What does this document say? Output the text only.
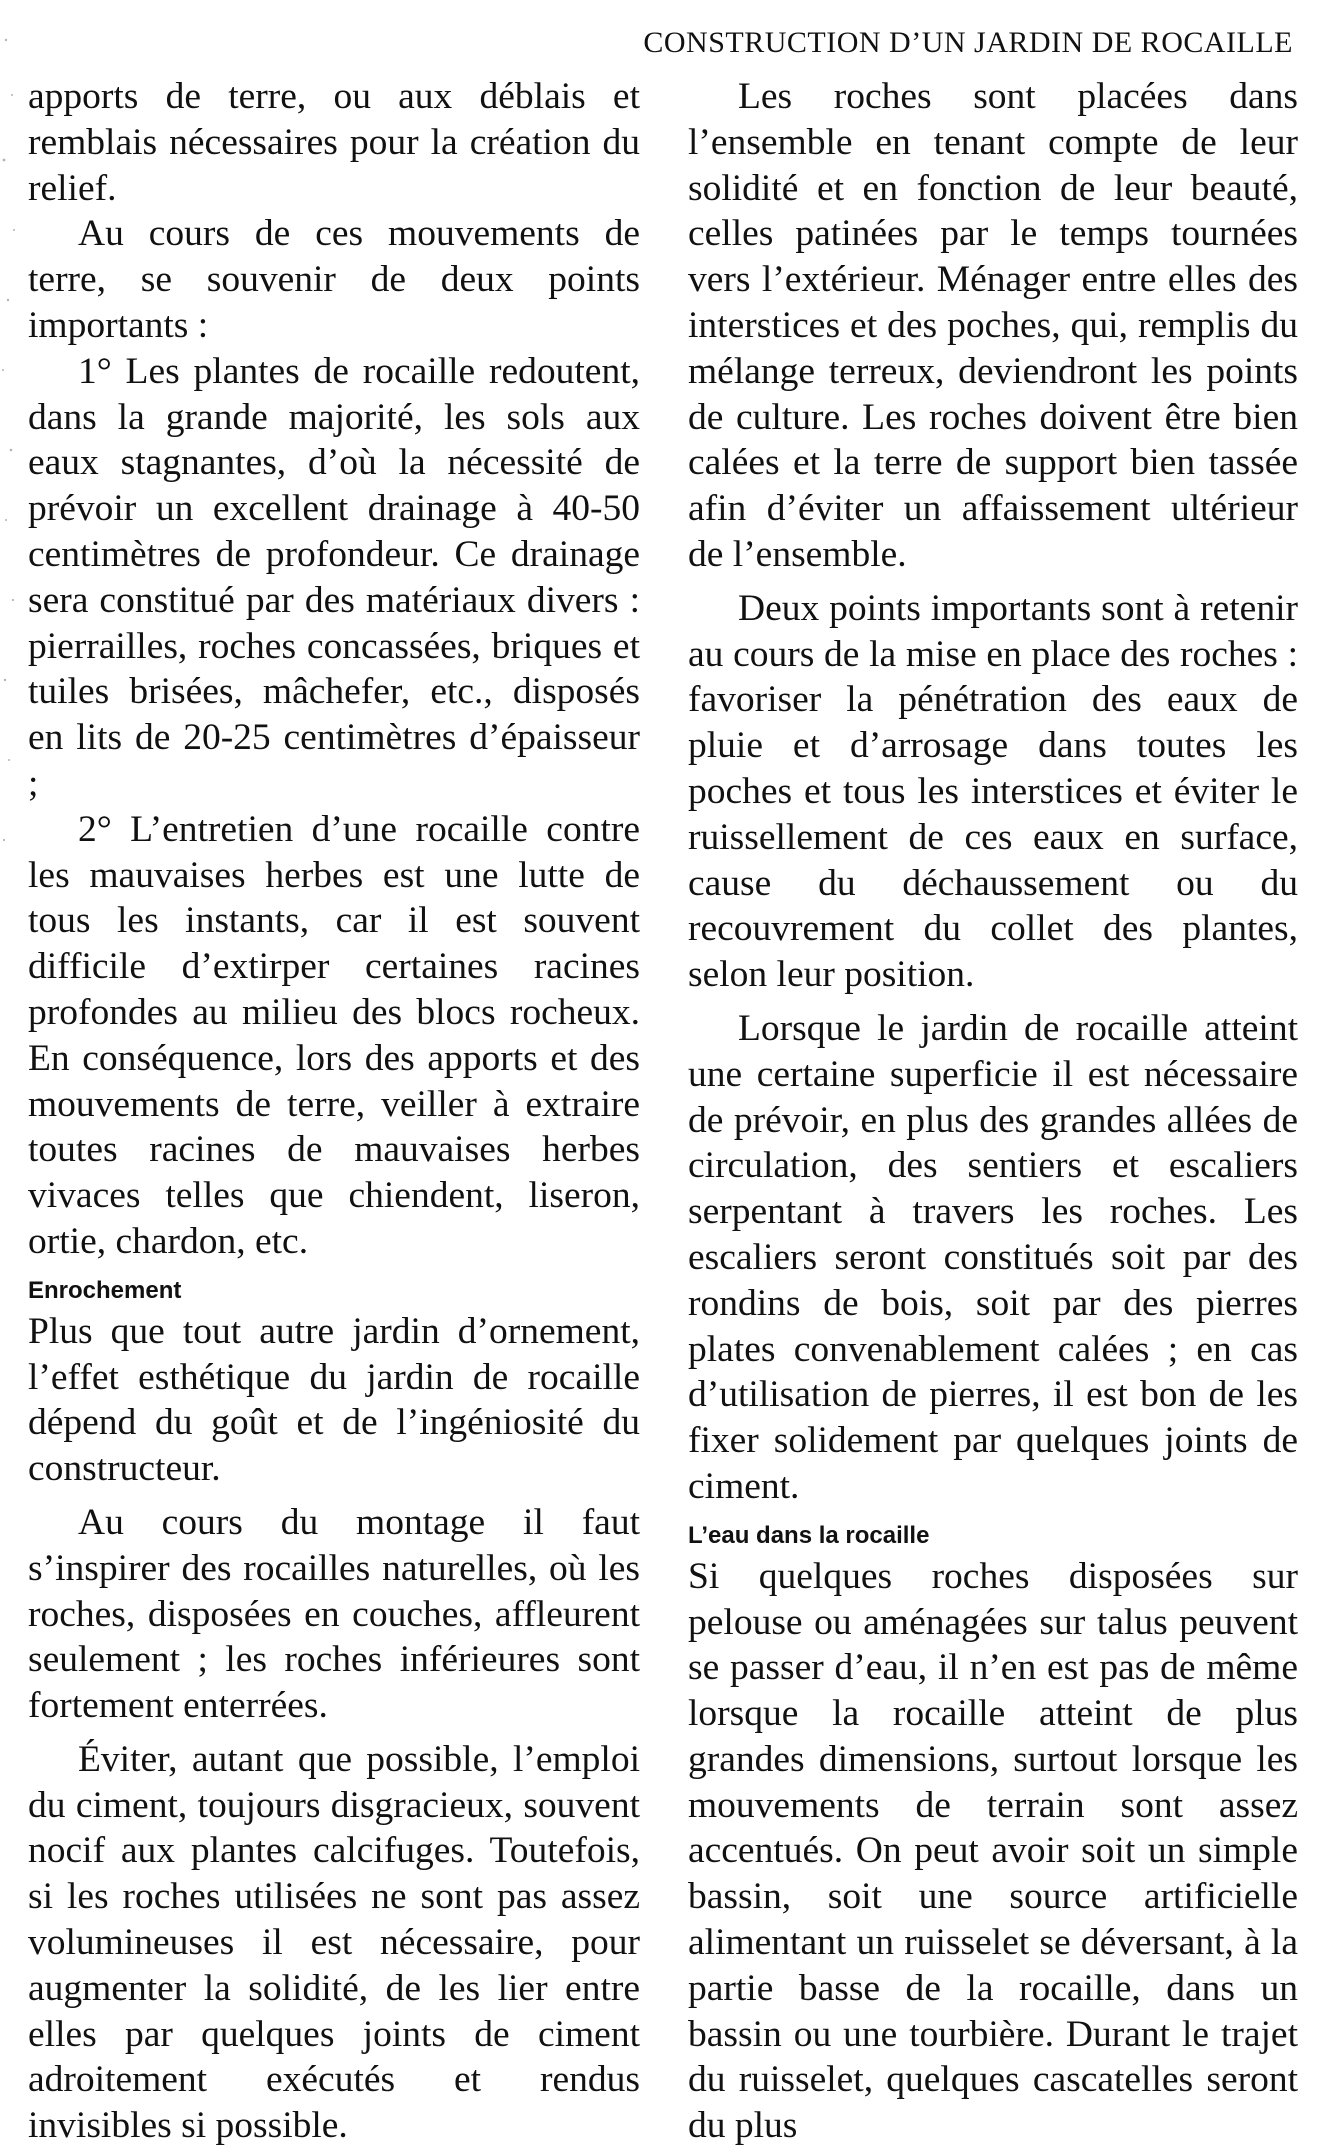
CONSTRUCTION D’UN JARDIN DE ROCAILLE

apports de terre, ou aux déblais et remblais nécessaires pour la création du relief.

Au cours de ces mouvements de terre, se souvenir de deux points importants :

1° Les plantes de rocaille redoutent, dans la grande majorité, les sols aux eaux stagnantes, d’où la nécessité de prévoir un excellent drainage à 40-50 centimètres de profondeur. Ce drainage sera constitué par des matériaux divers : pierrailles, roches concassées, briques et tuiles brisées, mâchefer, etc., disposés en lits de 20-25 centimètres d’épaisseur ;

2° L’entretien d’une rocaille contre les mauvaises herbes est une lutte de tous les instants, car il est souvent difficile d’extirper certaines racines profondes au milieu des blocs rocheux. En conséquence, lors des apports et des mouvements de terre, veiller à extraire toutes racines de mauvaises herbes vivaces telles que chiendent, liseron, ortie, chardon, etc.

Enrochement

Plus que tout autre jardin d’ornement, l’effet esthétique du jardin de rocaille dépend du goût et de l’ingéniosité du constructeur.

Au cours du montage il faut s’inspirer des rocailles naturelles, où les roches, disposées en couches, affleurent seulement ; les roches inférieures sont fortement enterrées.

Éviter, autant que possible, l’emploi du ciment, toujours disgracieux, souvent nocif aux plantes calcifuges. Toutefois, si les roches utilisées ne sont pas assez volumineuses il est nécessaire, pour augmenter la solidité, de les lier entre elles par quelques joints de ciment adroitement exécutés et rendus invisibles si possible.

Les roches sont placées dans l’ensemble en tenant compte de leur solidité et en fonction de leur beauté, celles patinées par le temps tournées vers l’extérieur. Ménager entre elles des interstices et des poches, qui, remplis du mélange terreux, deviendront les points de culture. Les roches doivent être bien calées et la terre de support bien tassée afin d’éviter un affaissement ultérieur de l’ensemble.

Deux points importants sont à retenir au cours de la mise en place des roches : favoriser la pénétration des eaux de pluie et d’arrosage dans toutes les poches et tous les interstices et éviter le ruissellement de ces eaux en surface, cause du déchaussement ou du recouvrement du collet des plantes, selon leur position.

Lorsque le jardin de rocaille atteint une certaine superficie il est nécessaire de prévoir, en plus des grandes allées de circulation, des sentiers et escaliers serpentant à travers les roches. Les escaliers seront constitués soit par des rondins de bois, soit par des pierres plates convenablement calées ; en cas d’utilisation de pierres, il est bon de les fixer solidement par quelques joints de ciment.

L’eau dans la rocaille

Si quelques roches disposées sur pelouse ou aménagées sur talus peuvent se passer d’eau, il n’en est pas de même lorsque la rocaille atteint de plus grandes dimensions, surtout lorsque les mouvements de terrain sont assez accentués. On peut avoir soit un simple bassin, soit une source artificielle alimentant un ruisselet se déversant, à la partie basse de la rocaille, dans un bassin ou une tourbière. Durant le trajet du ruisselet, quelques cascatelles seront du plus
